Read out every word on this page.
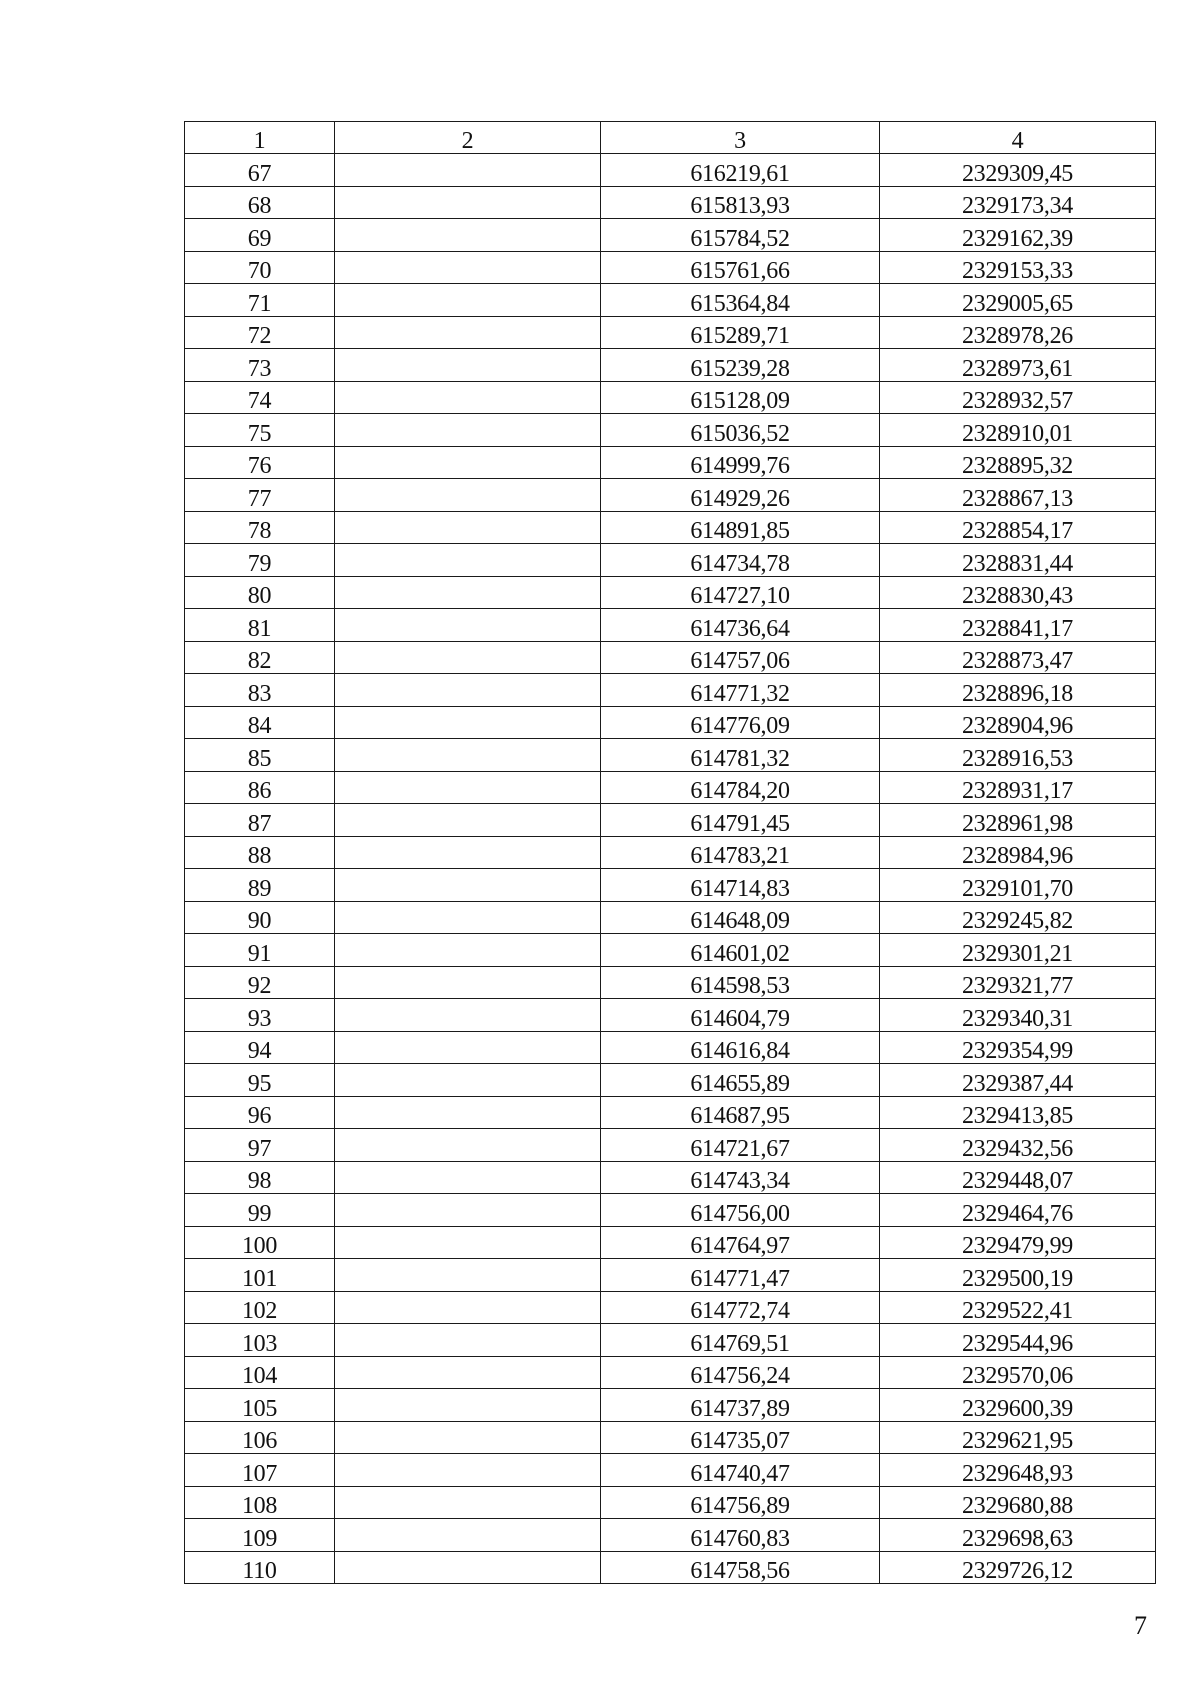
1	2	3	4
67		616219,61	2329309,45
68		615813,93	2329173,34
69		615784,52	2329162,39
70		615761,66	2329153,33
71		615364,84	2329005,65
72		615289,71	2328978,26
73		615239,28	2328973,61
74		615128,09	2328932,57
75		615036,52	2328910,01
76		614999,76	2328895,32
77		614929,26	2328867,13
78		614891,85	2328854,17
79		614734,78	2328831,44
80		614727,10	2328830,43
81		614736,64	2328841,17
82		614757,06	2328873,47
83		614771,32	2328896,18
84		614776,09	2328904,96
85		614781,32	2328916,53
86		614784,20	2328931,17
87		614791,45	2328961,98
88		614783,21	2328984,96
89		614714,83	2329101,70
90		614648,09	2329245,82
91		614601,02	2329301,21
92		614598,53	2329321,77
93		614604,79	2329340,31
94		614616,84	2329354,99
95		614655,89	2329387,44
96		614687,95	2329413,85
97		614721,67	2329432,56
98		614743,34	2329448,07
99		614756,00	2329464,76
100		614764,97	2329479,99
101		614771,47	2329500,19
102		614772,74	2329522,41
103		614769,51	2329544,96
104		614756,24	2329570,06
105		614737,89	2329600,39
106		614735,07	2329621,95
107		614740,47	2329648,93
108		614756,89	2329680,88
109		614760,83	2329698,63
110		614758,56	2329726,12
7
